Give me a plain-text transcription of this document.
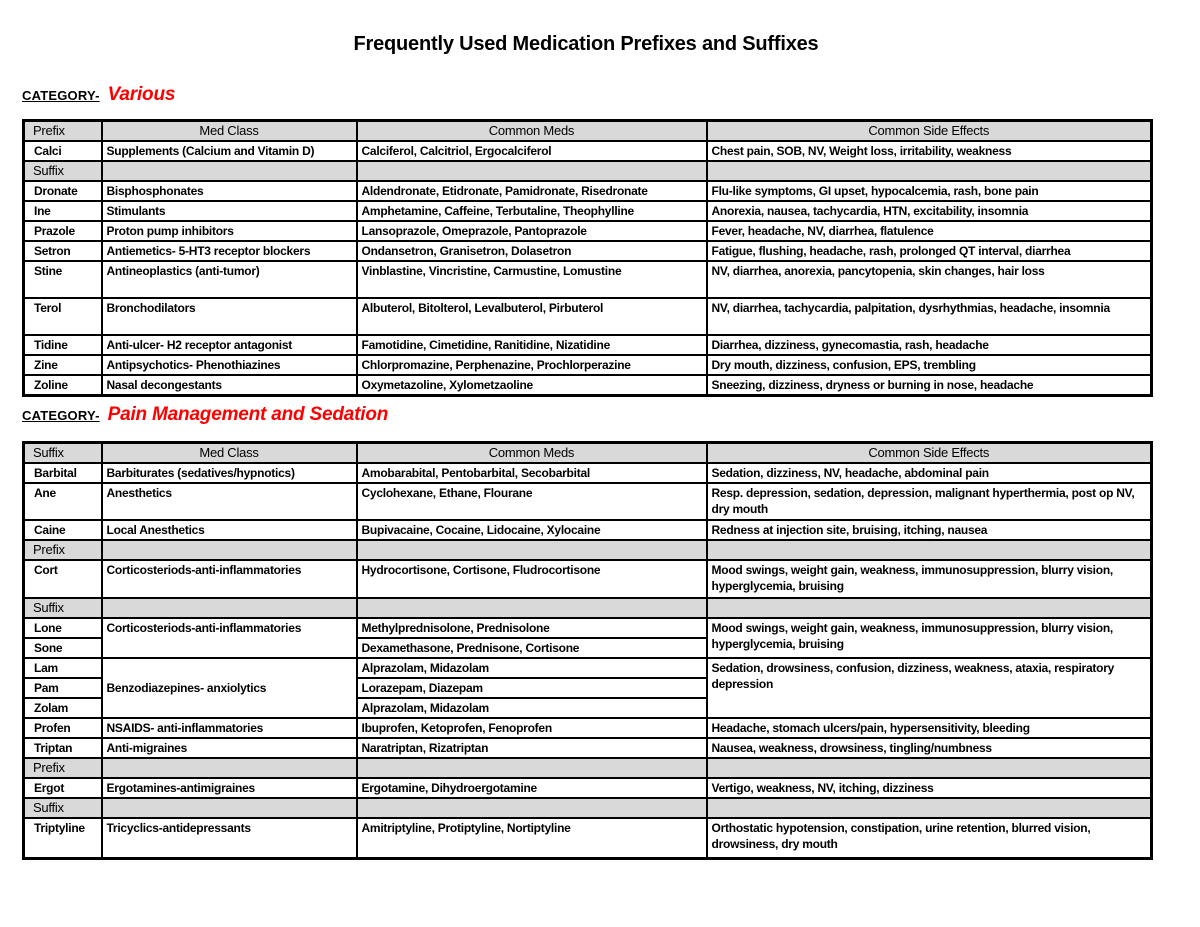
Frequently Used Medication Prefixes and Suffixes
CATEGORY- Various
Prefix	Med Class	Common Meds	Common Side Effects
Calci	Supplements (Calcium and Vitamin D)	Calciferol, Calcitriol, Ergocalciferol	Chest pain, SOB, NV, Weight loss, irritability, weakness
Suffix			
Dronate	Bisphosphonates	Aldendronate, Etidronate, Pamidronate, Risedronate	Flu-like symptoms, GI upset, hypocalcemia, rash, bone pain
Ine	Stimulants	Amphetamine, Caffeine, Terbutaline, Theophylline	Anorexia, nausea, tachycardia, HTN, excitability, insomnia
Prazole	Proton pump inhibitors	Lansoprazole, Omeprazole, Pantoprazole	Fever, headache, NV, diarrhea, flatulence
Setron	Antiemetics- 5-HT3 receptor blockers	Ondansetron, Granisetron, Dolasetron	Fatigue, flushing, headache, rash, prolonged QT interval, diarrhea
Stine	Antineoplastics (anti-tumor)	Vinblastine, Vincristine, Carmustine, Lomustine	NV, diarrhea, anorexia, pancytopenia, skin changes, hair loss
Terol	Bronchodilators	Albuterol, Bitolterol, Levalbuterol, Pirbuterol	NV, diarrhea, tachycardia, palpitation, dysrhythmias, headache, insomnia
Tidine	Anti-ulcer- H2 receptor antagonist	Famotidine, Cimetidine, Ranitidine, Nizatidine	Diarrhea, dizziness, gynecomastia, rash, headache
Zine	Antipsychotics- Phenothiazines	Chlorpromazine, Perphenazine, Prochlorperazine	Dry mouth, dizziness, confusion, EPS, trembling
Zoline	Nasal decongestants	Oxymetazoline, Xylometzaoline	Sneezing, dizziness, dryness or burning in nose, headache
CATEGORY- Pain Management and Sedation
Suffix	Med Class	Common Meds	Common Side Effects
Barbital	Barbiturates (sedatives/hypnotics)	Amobarabital, Pentobarbital, Secobarbital	Sedation, dizziness, NV, headache, abdominal pain
Ane	Anesthetics	Cyclohexane, Ethane, Flourane	Resp. depression, sedation, depression, malignant hyperthermia, post op NV, dry mouth
Caine	Local Anesthetics	Bupivacaine, Cocaine, Lidocaine, Xylocaine	Redness at injection site, bruising, itching, nausea
Prefix			
Cort	Corticosteriods-anti-inflammatories	Hydrocortisone, Cortisone, Fludrocortisone	Mood swings, weight gain, weakness, immunosuppression, blurry vision, hyperglycemia, bruising
Suffix			
Lone	Corticosteriods-anti-inflammatories	Methylprednisolone, Prednisolone	Mood swings, weight gain, weakness, immunosuppression, blurry vision, hyperglycemia, bruising
Sone		Dexamethasone, Prednisone, Cortisone	
Lam	Benzodiazepines- anxiolytics	Alprazolam, Midazolam	Sedation, drowsiness, confusion, dizziness, weakness, ataxia, respiratory depression
Pam		Lorazepam, Diazepam	
Zolam		Alprazolam, Midazolam	
Profen	NSAIDS- anti-inflammatories	Ibuprofen, Ketoprofen, Fenoprofen	Headache, stomach ulcers/pain, hypersensitivity, bleeding
Triptan	Anti-migraines	Naratriptan, Rizatriptan	Nausea, weakness, drowsiness, tingling/numbness
Prefix			
Ergot	Ergotamines-antimigraines	Ergotamine, Dihydroergotamine	Vertigo, weakness, NV, itching, dizziness
Suffix			
Triptyline	Tricyclics-antidepressants	Amitriptyline, Protiptyline, Nortiptyline	Orthostatic hypotension, constipation, urine retention, blurred vision, drowsiness, dry mouth
